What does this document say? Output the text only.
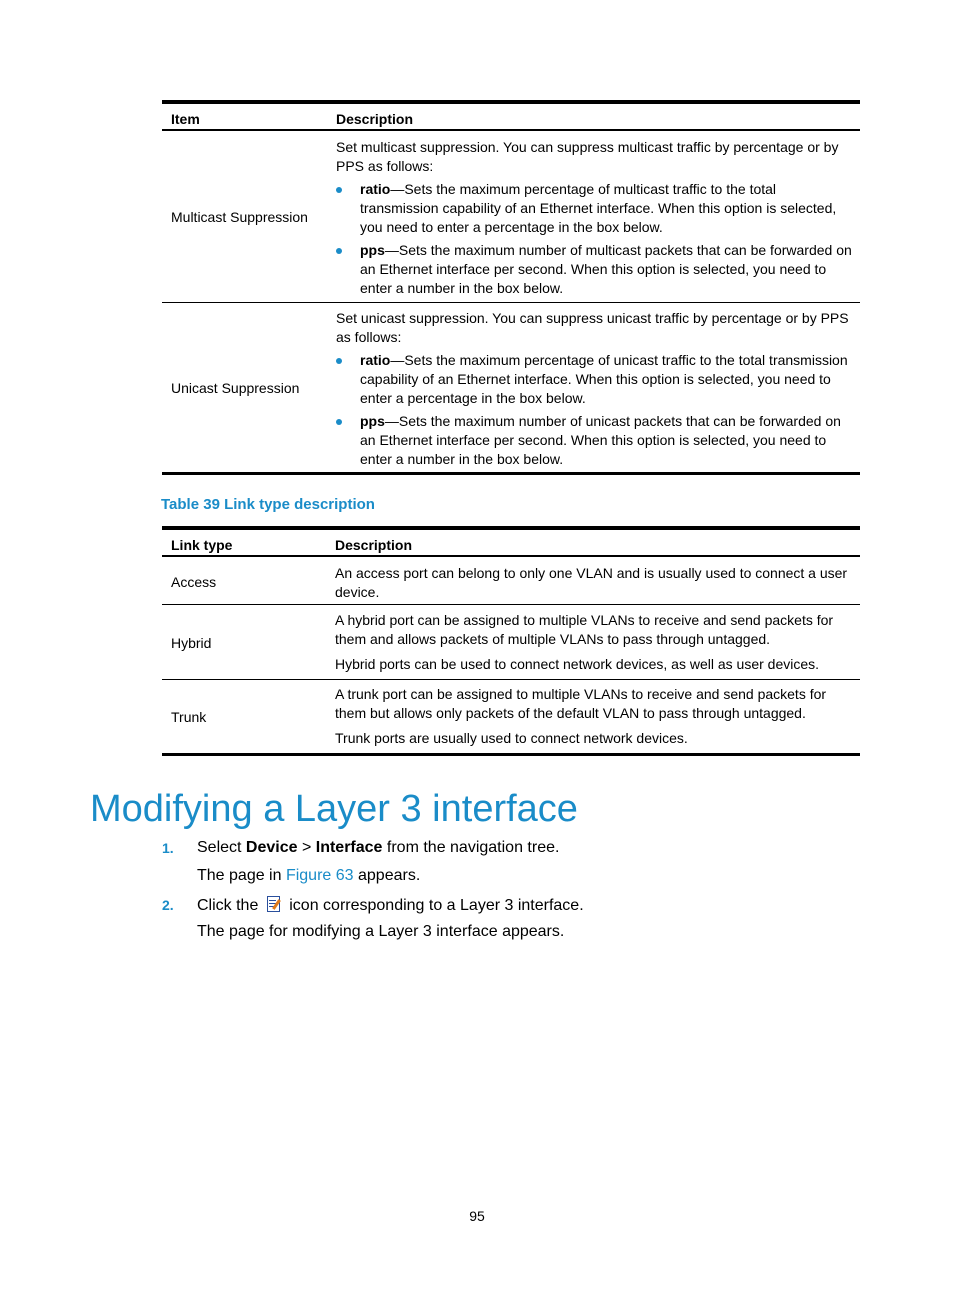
Item	Description
Multicast Suppression

Set multicast suppression. You can suppress multicast traffic by percentage or by PPS as follows:

ratio—Sets the maximum percentage of multicast traffic to the total transmission capability of an Ethernet interface. When this option is selected, you need to enter a percentage in the box below.
pps—Sets the maximum number of multicast packets that can be forwarded on an Ethernet interface per second. When this option is selected, you need to enter a number in the box below.
Unicast Suppression

Set unicast suppression. You can suppress unicast traffic by percentage or by PPS as follows:

ratio—Sets the maximum percentage of unicast traffic to the total transmission capability of an Ethernet interface. When this option is selected, you need to enter a percentage in the box below.
pps—Sets the maximum number of unicast packets that can be forwarded on an Ethernet interface per second. When this option is selected, you need to enter a number in the box below.
Table 39 Link type description
Link type	Description
Access

An access port can belong to only one VLAN and is usually used to connect a user device.

Hybrid

A hybrid port can be assigned to multiple VLANs to receive and send packets for them and allows packets of multiple VLANs to pass through untagged.

Hybrid ports can be used to connect network devices, as well as user devices.

Trunk

A trunk port can be assigned to multiple VLANs to receive and send packets for them but allows only packets of the default VLAN to pass through untagged.

Trunk ports are usually used to connect network devices.

Modifying a Layer 3 interface
1. Select Device > Interface from the navigation tree.
The page in Figure 63 appears.
2. Click the
icon corresponding to a Layer 3 interface.
The page for modifying a Layer 3 interface appears.
95
